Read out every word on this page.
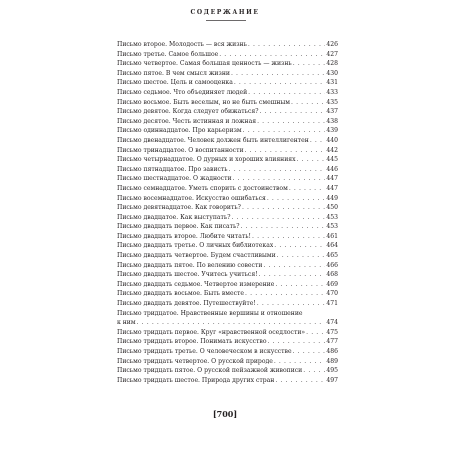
СОДЕРЖАНИЕ
Письмо второе. Молодость — вся жизнь . . .	426
Письмо третье. Самое большое . . .	427
Письмо четвертое. Самая большая ценность — жизнь . . .	428
Письмо пятое. В чем смысл жизни . . .	430
Письмо шестое. Цель и самооценка . . .	431
Письмо седьмое. Что объединяет людей . . .	433
Письмо восьмое. Быть веселым, но не быть смешным . . .	435
Письмо девятое. Когда следует обижаться? . . .	437
Письмо десятое. Честь истинная и ложная . . .	438
Письмо одиннадцатое. Про карьеризм . . .	439
Письмо двенадцатое. Человек должен быть интеллигентен . . .	440
Письмо тринадцатое. О воспитанности . . .	442
Письмо четырнадцатое. О дурных и хороших влияниях . . .	445
Письмо пятнадцатое. Про зависть . . .	446
Письмо шестнадцатое. О жадности . . .	447
Письмо семнадцатое. Уметь спорить с достоинством . . .	447
Письмо восемнадцатое. Искусство ошибаться . . .	449
Письмо девятнадцатое. Как говорить? . . .	450
Письмо двадцатое. Как выступать? . . .	453
Письмо двадцать первое. Как писать? . . .	453
Письмо двадцать второе. Любите читать! . . .	461
Письмо двадцать третье. О личных библиотеках . . .	464
Письмо двадцать четвертое. Будем счастливыми . . .	465
Письмо двадцать пятое. По велению совести . . .	466
Письмо двадцать шестое. Учитесь учиться! . . .	468
Письмо двадцать седьмое. Четвертое измерение . . .	469
Письмо двадцать восьмое. Быть вместе . . .	470
Письмо двадцать девятое. Путешествуйте! . . .	471
Письмо тридцатое. Нравственные вершины и отношение
к ним . . .	474
Письмо тридцать первое. Круг «нравственной оседлости» . . .	475
Письмо тридцать второе. Понимать искусство . . .	477
Письмо тридцать третье. О человеческом в искусстве . . .	486
Письмо тридцать четвертое. О русской природе . . .	489
Письмо тридцать пятое. О русской пейзажной живописи . . .	495
Письмо тридцать шестое. Природа других стран . . .	497
[700]
